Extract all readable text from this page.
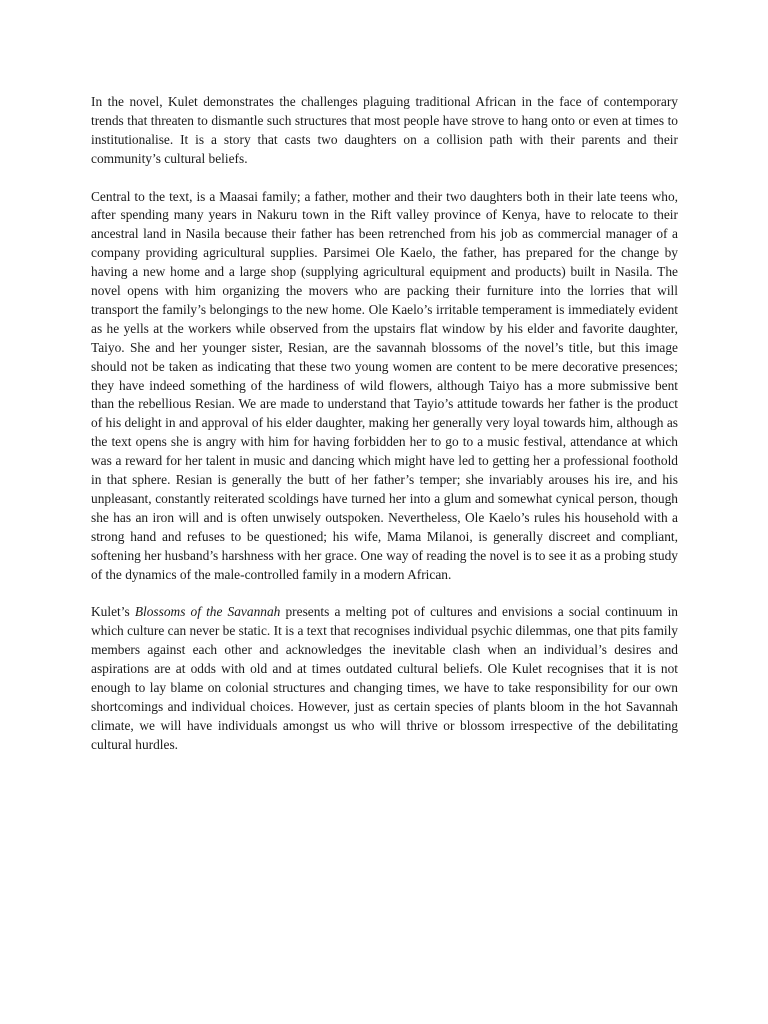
In the novel, Kulet demonstrates the challenges plaguing traditional African in the face of contemporary trends that threaten to dismantle such structures that most people have strove to hang onto or even at times to institutionalise. It is a story that casts two daughters on a collision path with their parents and their community’s cultural beliefs.

Central to the text, is a Maasai family; a father, mother and their two daughters both in their late teens who, after spending many years in Nakuru town in the Rift valley province of Kenya, have to relocate to their ancestral land in Nasila because their father has been retrenched from his job as commercial manager of a company providing agricultural supplies. Parsimei Ole Kaelo, the father, has prepared for the change by having a new home and a large shop (supplying agricultural equipment and products) built in Nasila. The novel opens with him organizing the movers who are packing their furniture into the lorries that will transport the family’s belongings to the new home. Ole Kaelo’s irritable temperament is immediately evident as he yells at the workers while observed from the upstairs flat window by his elder and favorite daughter, Taiyo. She and her younger sister, Resian, are the savannah blossoms of the novel’s title, but this image should not be taken as indicating that these two young women are content to be mere decorative presences; they have indeed something of the hardiness of wild flowers, although Taiyo has a more submissive bent than the rebellious Resian. We are made to understand that Tayio’s attitude towards her father is the product of his delight in and approval of his elder daughter, making her generally very loyal towards him, although as the text opens she is angry with him for having forbidden her to go to a music festival, attendance at which was a reward for her talent in music and dancing which might have led to getting her a professional foothold in that sphere. Resian is generally the butt of her father’s temper; she invariably arouses his ire, and his unpleasant, constantly reiterated scoldings have turned her into a glum and somewhat cynical person, though she has an iron will and is often unwisely outspoken. Nevertheless, Ole Kaelo’s rules his household with a strong hand and refuses to be questioned; his wife, Mama Milanoi, is generally discreet and compliant, softening her husband’s harshness with her grace. One way of reading the novel is to see it as a probing study of the dynamics of the male-controlled family in a modern African.

Kulet’s Blossoms of the Savannah presents a melting pot of cultures and envisions a social continuum in which culture can never be static. It is a text that recognises individual psychic dilemmas, one that pits family members against each other and acknowledges the inevitable clash when an individual’s desires and aspirations are at odds with old and at times outdated cultural beliefs. Ole Kulet recognises that it is not enough to lay blame on colonial structures and changing times, we have to take responsibility for our own shortcomings and individual choices. However, just as certain species of plants bloom in the hot Savannah climate, we will have individuals amongst us who will thrive or blossom irrespective of the debilitating cultural hurdles.
